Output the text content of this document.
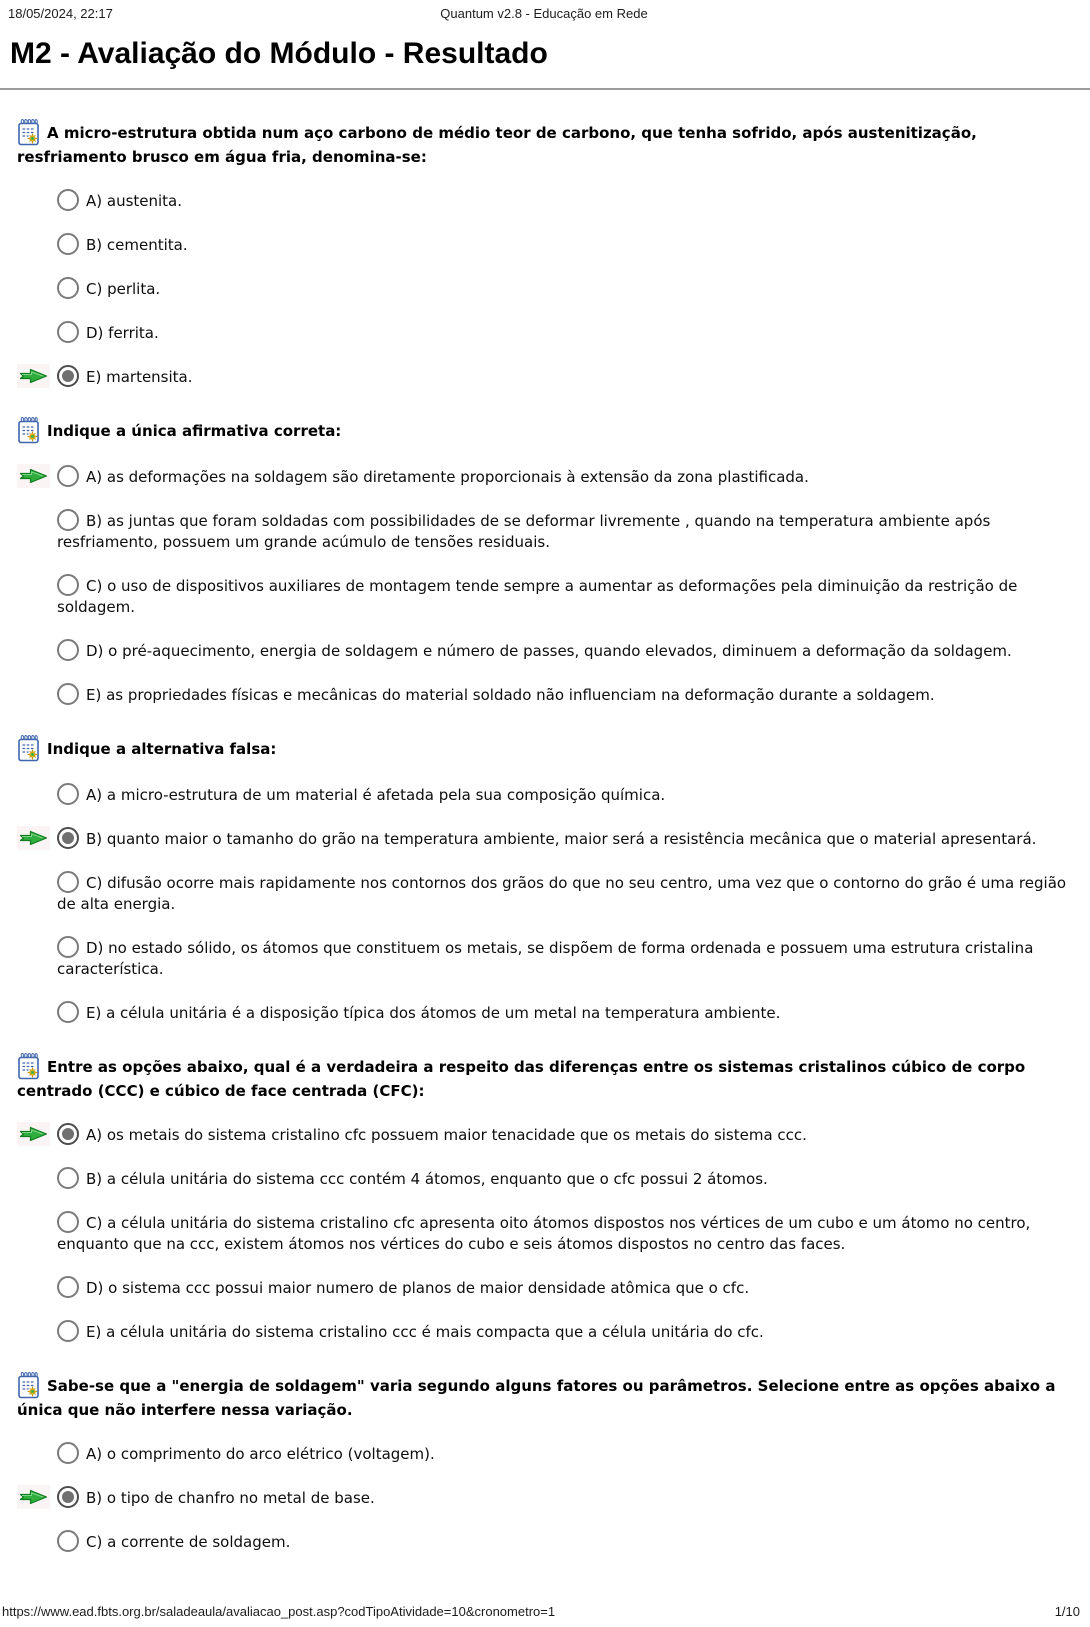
18/05/2024, 22:17	Quantum v2.8 - Educação em Rede
M2 - Avaliação do Módulo - Resultado
A micro-estrutura obtida num aço carbono de médio teor de carbono, que tenha sofrido, após austenitização, resfriamento brusco em água fria, denomina-se:
A) austenita.
B) cementita.
C) perlita.
D) ferrita.
E) martensita.
Indique a única afirmativa correta:
A) as deformações na soldagem são diretamente proporcionais à extensão da zona plastificada.
B) as juntas que foram soldadas com possibilidades de se deformar livremente , quando na temperatura ambiente após resfriamento, possuem um grande acúmulo de tensões residuais.
C) o uso de dispositivos auxiliares de montagem tende sempre a aumentar as deformações pela diminuição da restrição de soldagem.
D) o pré-aquecimento, energia de soldagem e número de passes, quando elevados, diminuem a deformação da soldagem.
E) as propriedades físicas e mecânicas do material soldado não influenciam na deformação durante a soldagem.
Indique a alternativa falsa:
A) a micro-estrutura de um material é afetada pela sua composição química.
B) quanto maior o tamanho do grão na temperatura ambiente, maior será a resistência mecânica que o material apresentará.
C) difusão ocorre mais rapidamente nos contornos dos grãos do que no seu centro, uma vez que o contorno do grão é uma região de alta energia.
D) no estado sólido, os átomos que constituem os metais, se dispõem de forma ordenada e possuem uma estrutura cristalina característica.
E) a célula unitária é a disposição típica dos átomos de um metal na temperatura ambiente.
Entre as opções abaixo, qual é a verdadeira a respeito das diferenças entre os sistemas cristalinos cúbico de corpo centrado (CCC) e cúbico de face centrada (CFC):
A) os metais do sistema cristalino cfc possuem maior tenacidade que os metais do sistema ccc.
B) a célula unitária do sistema ccc contém 4 átomos, enquanto que o cfc possui 2 átomos.
C) a célula unitária do sistema cristalino cfc apresenta oito átomos dispostos nos vértices de um cubo e um átomo no centro, enquanto que na ccc, existem átomos nos vértices do cubo e seis átomos dispostos no centro das faces.
D) o sistema ccc possui maior numero de planos de maior densidade atômica que o cfc.
E) a célula unitária do sistema cristalino ccc é mais compacta que a célula unitária do cfc.
Sabe-se que a "energia de soldagem" varia segundo alguns fatores ou parâmetros. Selecione entre as opções abaixo a única que não interfere nessa variação.
A) o comprimento do arco elétrico (voltagem).
B) o tipo de chanfro no metal de base.
C) a corrente de soldagem.
https://www.ead.fbts.org.br/saladeaula/avaliacao_post.asp?codTipoAtividade=10&cronometro=1	1/10
